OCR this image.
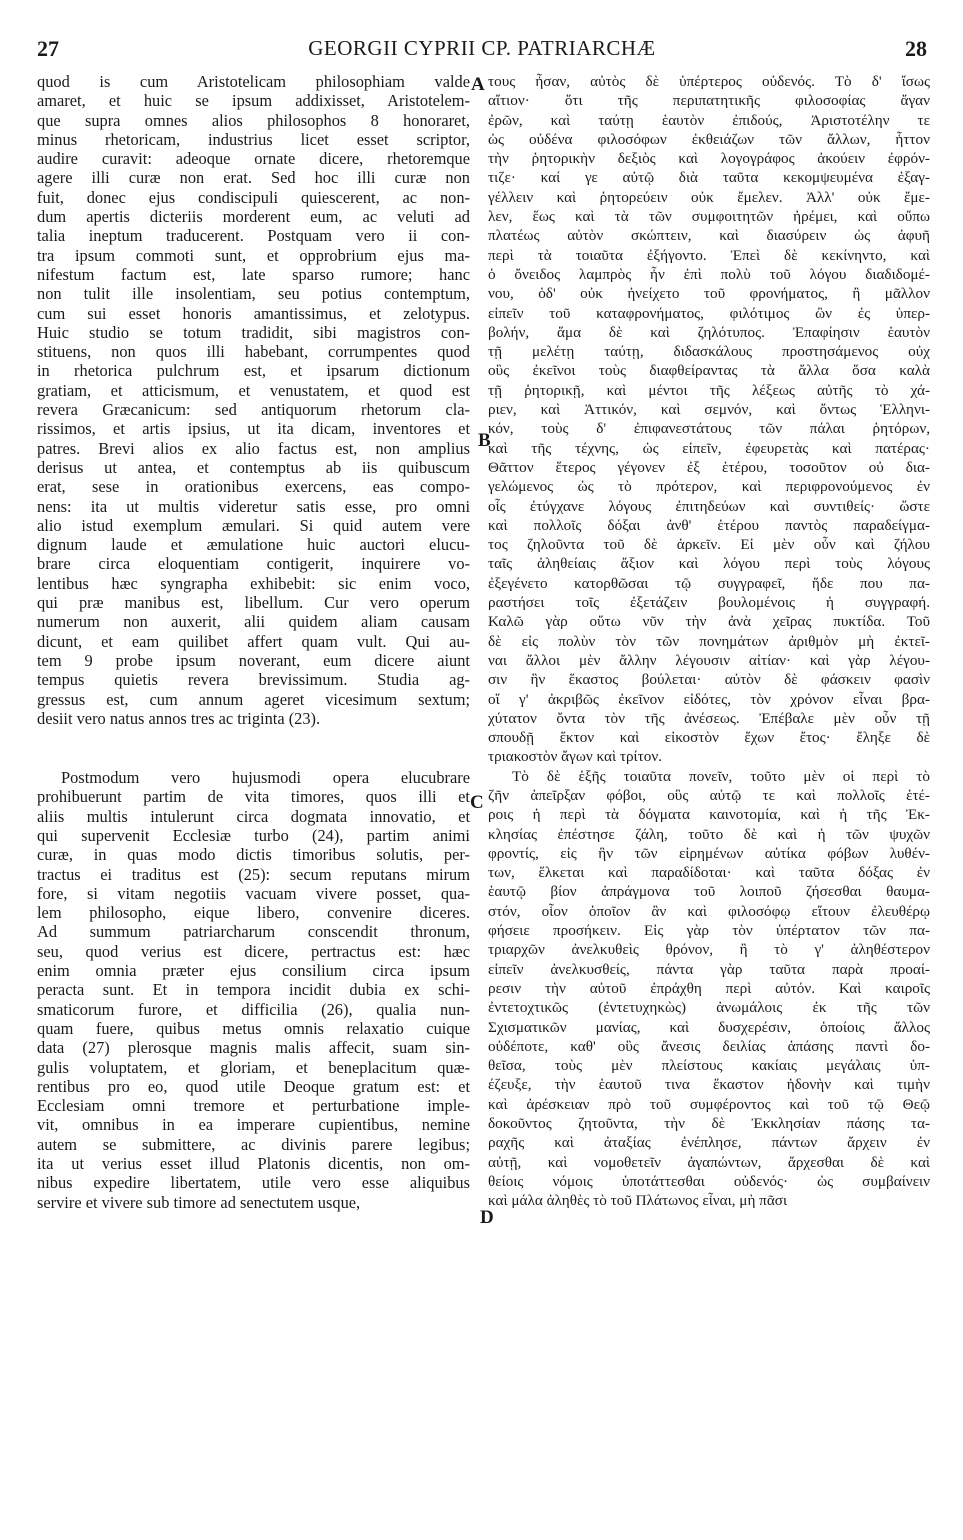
27	GEORGII CYPRII CP. PATRIARCHÆ	28
quod is cum Aristotelicam philosophiam valde
amaret, et huic se ipsum addixisset, Aristotelem-
que supra omnes alios philosophos 8 honoraret,
minus rhetoricam, industrius licet esset scriptor,
audire curavit: adeoque ornate dicere, rhetoremque
agere illi curæ non erat. Sed hoc illi curæ non
fuit, donec ejus condiscipuli quiescerent, ac non-
dum apertis dicteriis morderent eum, ac veluti ad
talia ineptum traducerent. Postquam vero ii con-
tra ipsum commoti sunt, et opprobrium ejus ma-
nifestum factum est, late sparso rumore; hanc
non tulit ille insolentiam, seu potius contemptum,
cum sui esset honoris amantissimus, et zelotypus.
Huic studio se totum tradidit, sibi magistros con-
stituens, non quos illi habebant, corrumpentes quod
in rhetorica pulchrum est, et ipsarum dictionum
gratiam, et atticismum, et venustatem, et quod est
revera Græcanicum: sed antiquorum rhetorum cla-
rissimos, et artis ipsius, ut ita dicam, inventores et
patres. Brevi alios ex alio factus est, non amplius
derisus ut antea, et contemptus ab iis quibuscum
erat, sese in orationibus exercens, eas compo-
nens: ita ut multis videretur satis esse, pro omni
alio istud exemplum æmulari. Si quid autem vere
dignum laude et æmulatione huic auctori elucu-
brare circa eloquentiam contigerit, inquirere vo-
lentibus hæc syngrapha exhibebit: sic enim voco,
qui præ manibus est, libellum. Cur vero operum
numerum non auxerit, alii quidem aliam causam
dicunt, et eam quilibet affert quam vult. Qui au-
tem 9 probe ipsum noverant, eum dicere aiunt
tempus quietis revera brevissimum. Studia ag-
gressus est, cum annum ageret vicesimum sextum;
desiit vero natus annos tres ac triginta (23).
Postmodum vero hujusmodi opera elucubrare
prohibuerunt partim de vita timores, quos illi et
aliis multis intulerunt circa dogmata innovatio, et
qui supervenit Ecclesiæ turbo (24), partim animi
curæ, in quas modo dictis timoribus solutis, per-
tractus ei traditus est (25): secum reputans mirum
fore, si vitam negotiis vacuam vivere posset, qua-
lem philosopho, eique libero, convenire diceres.
Ad summum patriarcharum conscendit thronum,
seu, quod verius est dicere, pertractus est: hæc
enim omnia præter ejus consilium circa ipsum
peracta sunt. Et in tempora incidit dubia ex schi-
smaticorum furore, et difficilia (26), qualia nun-
quam fuere, quibus metus omnis relaxatio cuique
data (27) plerosque magnis malis affecit, suam sin-
gulis voluptatem, et gloriam, et beneplacitum quæ-
rentibus pro eo, quod utile Deoque gratum est: et
Ecclesiam omni tremore et perturbatione imple-
vit, omnibus in ea imperare cupientibus, nemine
autem se submittere, ac divinis parere legibus;
ita ut verius esset illud Platonis dicentis, non om-
nibus expedire libertatem, utile vero esse aliquibus
servire et vivere sub timore ad senectutem usque,
τους ἦσαν, αὐτὸς δὲ ὑπέρτερος οὐδενός. Τὸ δ' ἴσως
αἴτιον· ὅτι τῆς περιπατητικῆς φιλοσοφίας ἄγαν
ἐρῶν, καὶ ταύτῃ ἑαυτὸν ἐπιδούς, Ἀριστοτέλην τε
ὡς οὐδένα φιλοσόφων ἐκθειάζων τῶν ἄλλων, ἧττον
τὴν ῥητορικὴν δεξιὸς καὶ λογογράφος ἀκούειν ἐφρόν-
τιζε· καί γε αὐτῷ διὰ ταῦτα κεκομψευμένα ἐξαγ-
γέλλειν καὶ ῥητορεύειν οὐκ ἔμελεν. Ἀλλ' οὐκ ἔμε-
λεν, ἕως καὶ τὰ τῶν συμφοιτητῶν ἠρέμει, καὶ οὔπω
πλατέως αὐτὸν σκώπτειν, καὶ διασύρειν ὡς ἀφυῆ
περὶ τὰ τοιαῦτα ἐξήγοντο. Ἐπεὶ δὲ κεκίνηντο, καὶ
ὁ ὄνειδος λαμπρὸς ἦν ἐπὶ πολὺ τοῦ λόγου διαδιδομέ-
νου, ὁδ' οὐκ ἠνείχετο τοῦ φρονήματος, ἢ μᾶλλον
εἰπεῖν τοῦ καταφρονήματος, φιλότιμος ὢν ἐς ὑπερ-
βολήν, ἅμα δὲ καὶ ζηλότυπος. Ἐπαφίησιν ἑαυτὸν
τῇ μελέτῃ ταύτῃ, διδασκάλους προστησάμενος οὐχ
οὓς ἐκεῖνοι τοὺς διαφθείραντας τὰ ἄλλα ὅσα καλὰ
τῇ ῥητορικῇ, καὶ μέντοι τῆς λέξεως αὐτῆς τὸ χά-
ριεν, καὶ Ἀττικόν, καὶ σεμνόν, καὶ ὄντως Ἑλληνι-
κόν, τοὺς δ' ἐπιφανεστάτους τῶν πάλαι ῥητόρων,
καὶ τῆς τέχνης, ὡς εἰπεῖν, ἐφευρετὰς καὶ πατέρας·
Θᾶττον ἕτερος γέγονεν ἐξ ἑτέρου, τοσοῦτον οὐ δια-
γελώμενος ὡς τὸ πρότερον, καὶ περιφρονούμενος ἐν
οἷς ἐτύγχανε λόγους ἐπιτηδεύων καὶ συντιθείς· ὥστε
καὶ πολλοῖς δόξαι ἀνθ' ἑτέρου παντὸς παραδείγμα-
τος ζηλοῦντα τοῦ δὲ ἀρκεῖν. Εἰ μὲν οὖν καὶ ζήλου
ταῖς ἀληθείαις ἄξιον καὶ λόγου περὶ τοὺς λόγους
ἐξεγένετο κατορθῶσαι τῷ συγγραφεῖ, ἥδε που πα-
ραστήσει τοῖς ἐξετάζειν βουλομένοις ἡ συγγραφή.
Καλῶ γὰρ οὕτω νῦν τὴν ἀνὰ χεῖρας πυκτίδα. Τοῦ
δὲ εἰς πολὺν τὸν τῶν πονημάτων ἀριθμὸν μὴ ἐκτεῖ-
ναι ἄλλοι μὲν ἄλλην λέγουσιν αἰτίαν· καὶ γὰρ λέγου-
σιν ἣν ἕκαστος βούλεται· αὐτὸν δὲ φάσκειν φασὶν
οἵ γ' ἀκριβῶς ἐκεῖνον εἰδότες, τὸν χρόνον εἶναι βρα-
χύτατον ὄντα τὸν τῆς ἀνέσεως. Ἐπέβαλε μὲν οὖν τῇ
σπουδῇ ἕκτον καὶ εἰκοστὸν ἔχων ἔτος· ἔληξε δὲ
τριακοστὸν ἄγων καὶ τρίτον.
Τὸ δὲ ἑξῆς τοιαῦτα πονεῖν, τοῦτο μὲν οἱ περὶ τὸ
ζῆν ἀπεῖρξαν φόβοι, οὓς αὐτῷ τε καὶ πολλοῖς ἑτέ-
ροις ἡ περὶ τὰ δόγματα καινοτομία, καὶ ἡ τῆς Ἐκ-
κλησίας ἐπέστησε ζάλη, τοῦτο δὲ καὶ ἡ τῶν ψυχῶν
φροντίς, εἰς ἣν τῶν εἰρημένων αὐτίκα φόβων λυθέν-
των, ἕλκεται καὶ παραδίδοται· καὶ ταῦτα δόξας ἐν
ἑαυτῷ βίον ἀπράγμονα τοῦ λοιποῦ ζήσεσθαι θαυμα-
στόν, οἷον ὁποῖον ἂν καὶ φιλοσόφῳ εἴτουν ἐλευθέρῳ
φήσειε προσήκειν. Εἰς γὰρ τὸν ὑπέρτατον τῶν πα-
τριαρχῶν ἀνελκυθεὶς θρόνον, ἢ τὸ γ' ἀληθέστερον
εἰπεῖν ἀνελκυσθείς, πάντα γὰρ ταῦτα παρὰ προαί-
ρεσιν τὴν αὐτοῦ ἐπράχθη περὶ αὐτόν. Καὶ καιροῖς
ἐντετοχτικῶς (ἐντετυχηκὼς) ἀνωμάλοις ἐκ τῆς τῶν
Σχισματικῶν μανίας, καὶ δυσχερέσιν, ὁποίοις ἄλλος
οὐδέποτε, καθ' οὓς ἄνεσις δειλίας ἁπάσης παντὶ δο-
θεῖσα, τοὺς μὲν πλείστους κακίαις μεγάλαις ὑπ-
έζευξε, τὴν ἑαυτοῦ τινα ἕκαστον ἡδονὴν καὶ τιμὴν
καὶ ἀρέσκειαν πρὸ τοῦ συμφέροντος καὶ τοῦ τῷ Θεῷ
δοκοῦντος ζητοῦντα, τὴν δὲ Ἐκκλησίαν πάσης τα-
ραχῆς καὶ ἀταξίας ἐνέπλησε, πάντων ἄρχειν ἐν
αὐτῇ, καὶ νομοθετεῖν ἀγαπώντων, ἄρχεσθαι δὲ καὶ
θείοις νόμοις ὑποτάττεσθαι οὐδενός· ὡς συμβαίνειν
καὶ μάλα ἀληθὲς τὸ τοῦ Πλάτωνος εἶναι, μὴ πᾶσι
A
B
C
D
